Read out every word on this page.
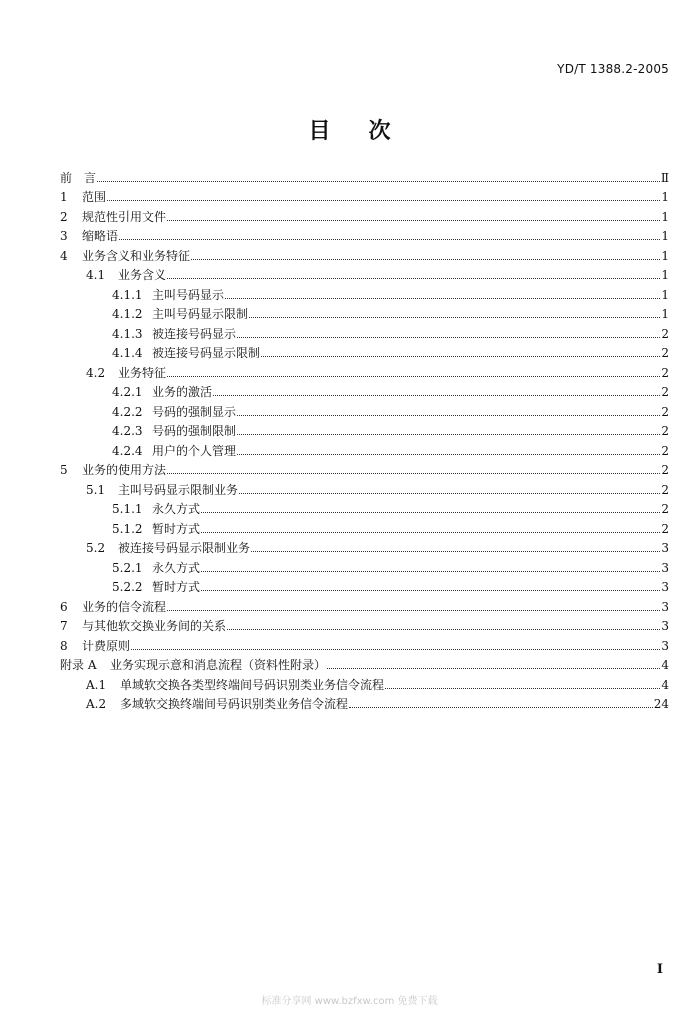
YD/T 1388.2-2005
目次
前　言	Ⅱ
1	范围	1
2	规范性引用文件	1
3	缩略语	1
4	业务含义和业务特征	1
4.1	业务含义	1
4.1.1 主叫号码显示	1
4.1.2 主叫号码显示限制	1
4.1.3 被连接号码显示	2
4.1.4 被连接号码显示限制	2
4.2	业务特征	2
4.2.1 业务的激活	2
4.2.2 号码的强制显示	2
4.2.3 号码的强制限制	2
4.2.4 用户的个人管理	2
5	业务的使用方法	2
5.1	主叫号码显示限制业务	2
5.1.1 永久方式	2
5.1.2 暂时方式	2
5.2	被连接号码显示限制业务	3
5.2.1 永久方式	3
5.2.2 暂时方式	3
6	业务的信令流程	3
7	与其他软交换业务间的关系	3
8	计费原则	3
附录 A	业务实现示意和消息流程（资料性附录）	4
A.1	单域软交换各类型终端间号码识别类业务信令流程	4
A.2	多域软交换终端间号码识别类业务信令流程	24
I
标准分享网 www.bzfxw.com 免费下载
